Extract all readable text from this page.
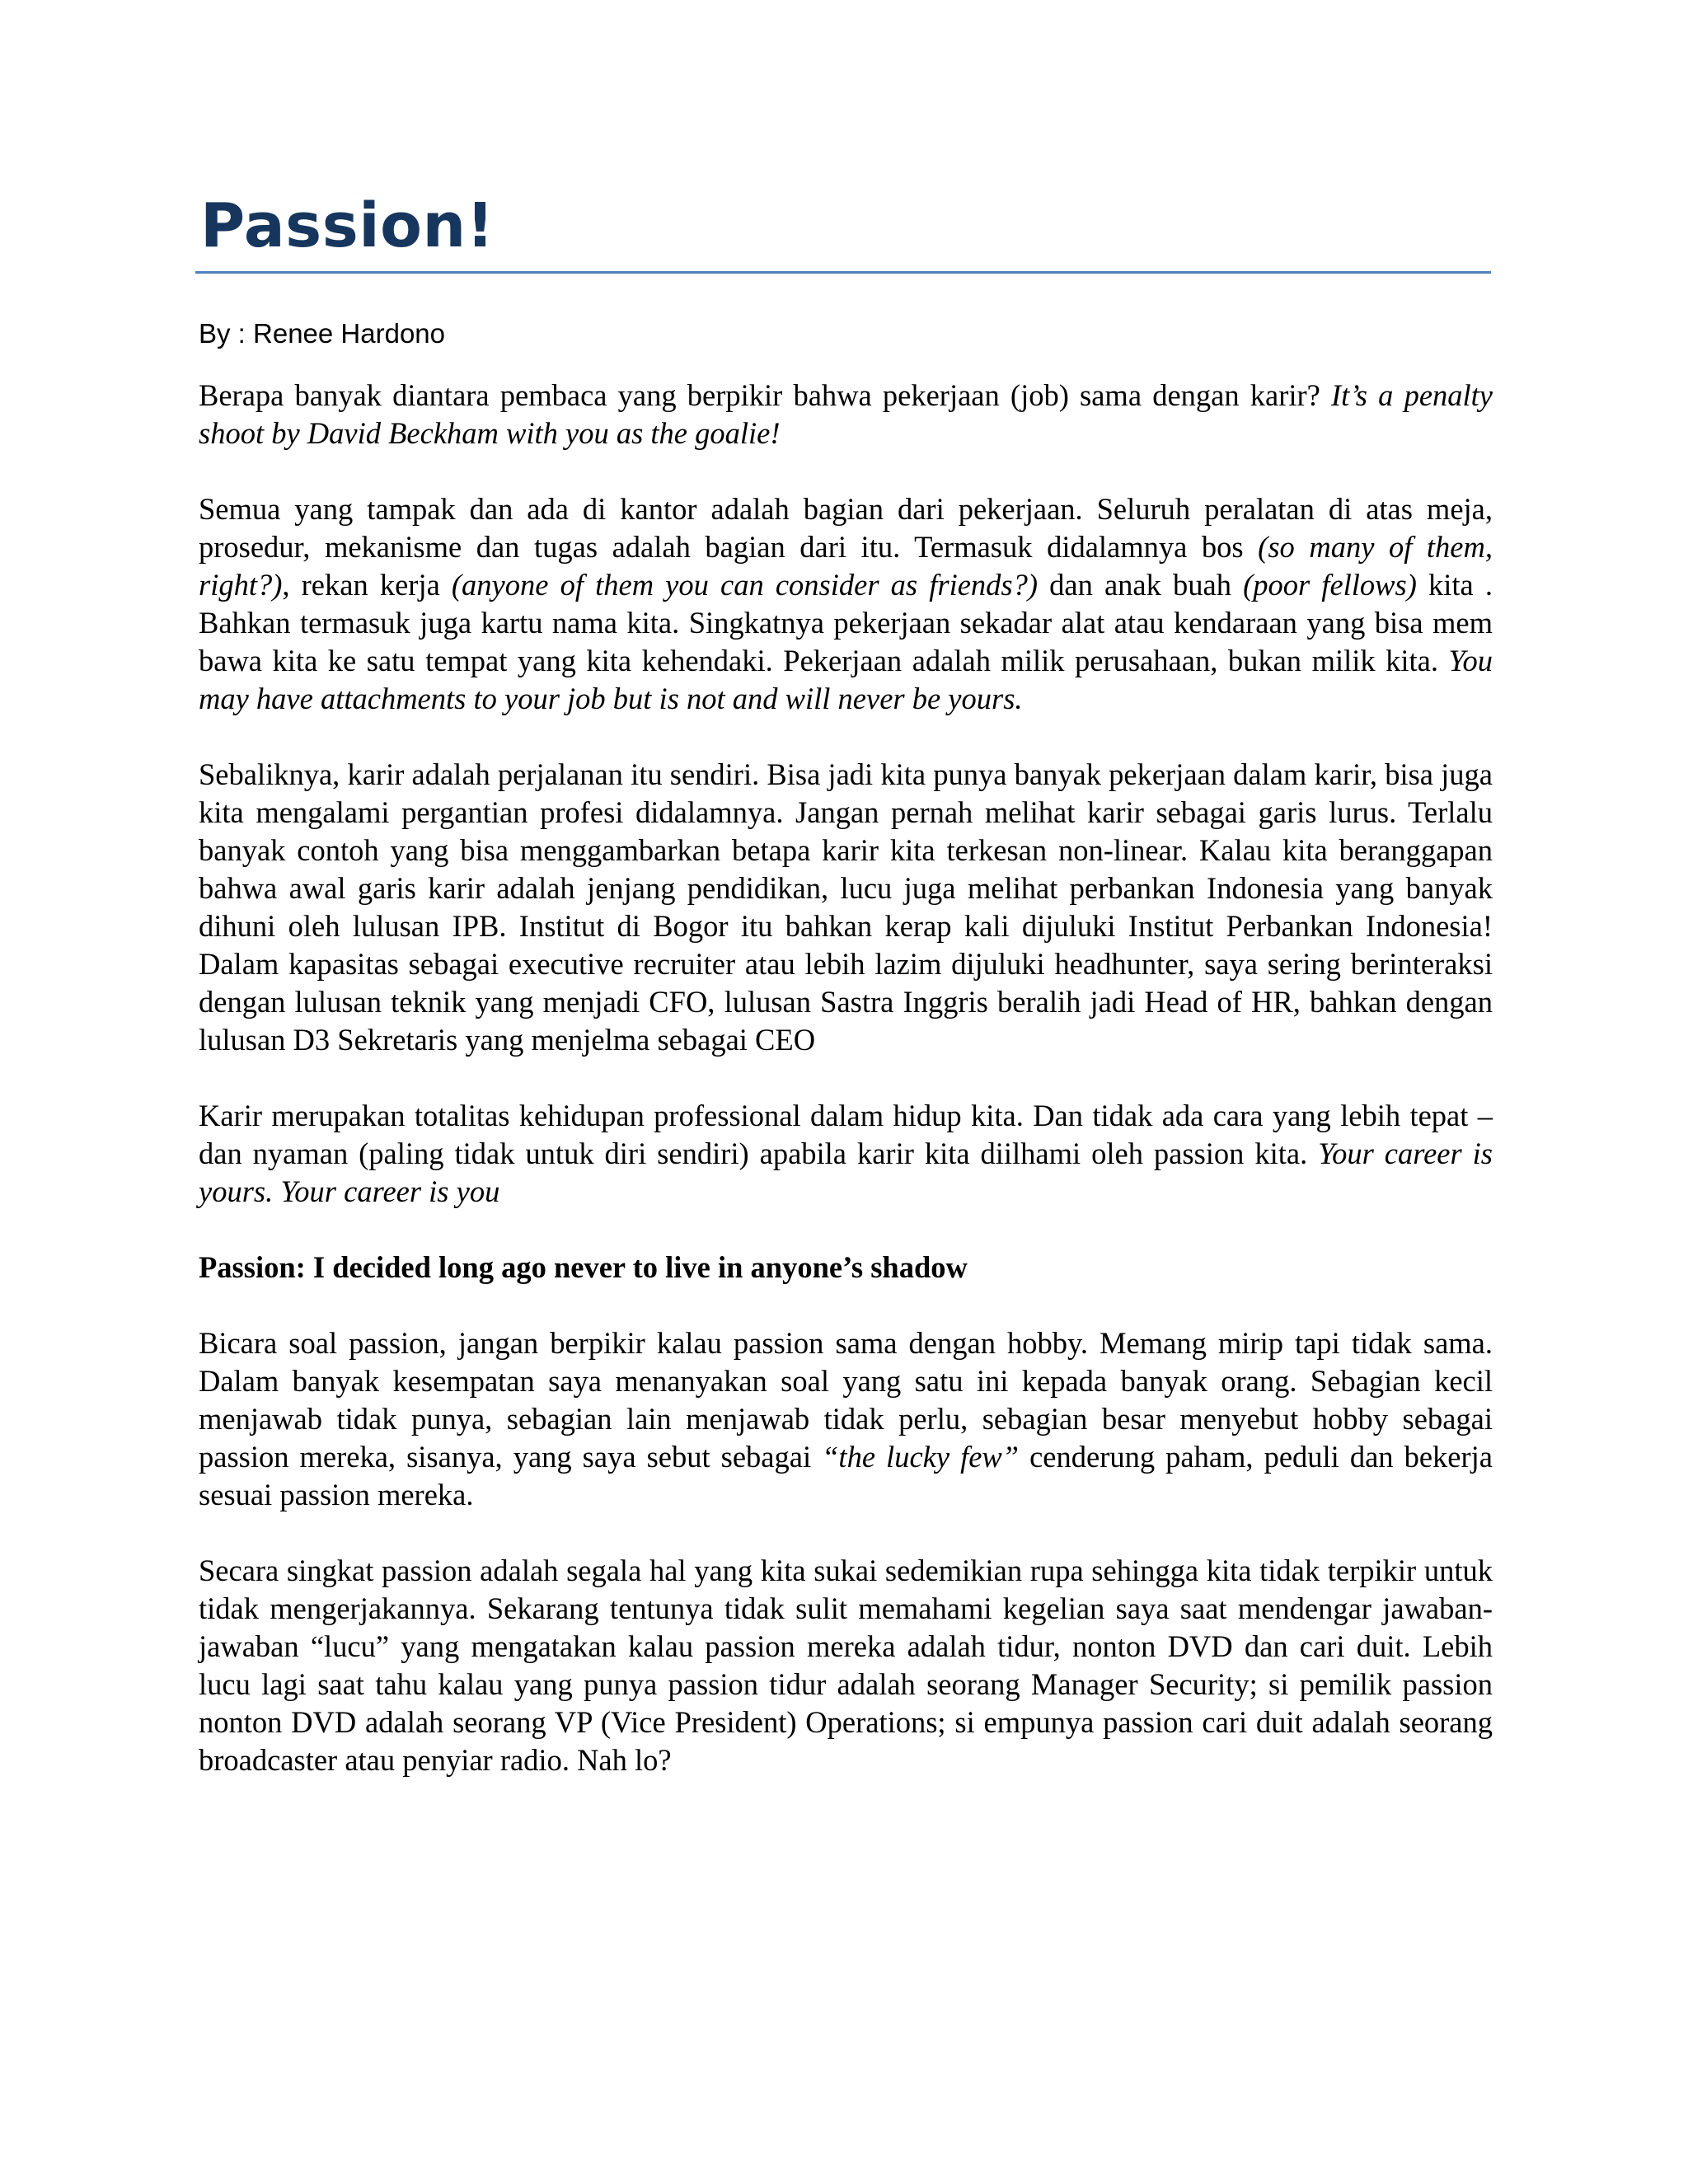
Passion!

By : Renee Hardono

Berapa banyak diantara pembaca yang berpikir bahwa pekerjaan (job) sama dengan karir? It’s a penalty shoot by David Beckham with you as the goalie!

Semua yang tampak dan ada di kantor adalah bagian dari pekerjaan. Seluruh peralatan di atas meja, prosedur, mekanisme dan tugas adalah bagian dari itu. Termasuk didalamnya bos (so many of them, right?), rekan kerja (anyone of them you can consider as friends?) dan anak buah (poor fellows) kita . Bahkan termasuk juga kartu nama kita. Singkatnya pekerjaan sekadar alat atau kendaraan yang bisa mem bawa kita ke satu tempat yang kita kehendaki. Pekerjaan adalah milik perusahaan, bukan milik kita. You may have attachments to your job but is not and will never be yours.

Sebaliknya, karir adalah perjalanan itu sendiri. Bisa jadi kita punya banyak pekerjaan dalam karir, bisa juga kita mengalami pergantian profesi didalamnya. Jangan pernah melihat karir sebagai garis lurus. Terlalu banyak contoh yang bisa menggambarkan betapa karir kita terkesan non-linear. Kalau kita beranggapan bahwa awal garis karir adalah jenjang pendidikan, lucu juga melihat perbankan Indonesia yang banyak dihuni oleh lulusan IPB. Institut di Bogor itu bahkan kerap kali dijuluki Institut Perbankan Indonesia! Dalam kapasitas sebagai executive recruiter atau lebih lazim dijuluki headhunter, saya sering berinteraksi dengan lulusan teknik yang menjadi CFO, lulusan Sastra Inggris beralih jadi Head of HR, bahkan dengan lulusan D3 Sekretaris yang menjelma sebagai CEO

Karir merupakan totalitas kehidupan professional dalam hidup kita. Dan tidak ada cara yang lebih tepat – dan nyaman (paling tidak untuk diri sendiri) apabila karir kita diilhami oleh passion kita. Your career is yours. Your career is you

Passion: I decided long ago never to live in anyone’s shadow

Bicara soal passion, jangan berpikir kalau passion sama dengan hobby. Memang mirip tapi tidak sama. Dalam banyak kesempatan saya menanyakan soal yang satu ini kepada banyak orang. Sebagian kecil menjawab tidak punya, sebagian lain menjawab tidak perlu, sebagian besar menyebut hobby sebagai passion mereka, sisanya, yang saya sebut sebagai “the lucky few” cenderung paham, peduli dan bekerja sesuai passion mereka.

Secara singkat passion adalah segala hal yang kita sukai sedemikian rupa sehingga kita tidak terpikir untuk tidak mengerjakannya. Sekarang tentunya tidak sulit memahami kegelian saya saat mendengar jawaban-jawaban “lucu” yang mengatakan kalau passion mereka adalah tidur, nonton DVD dan cari duit. Lebih lucu lagi saat tahu kalau yang punya passion tidur adalah seorang Manager Security; si pemilik passion nonton DVD adalah seorang VP (Vice President) Operations; si empunya passion cari duit adalah seorang broadcaster atau penyiar radio. Nah lo?
